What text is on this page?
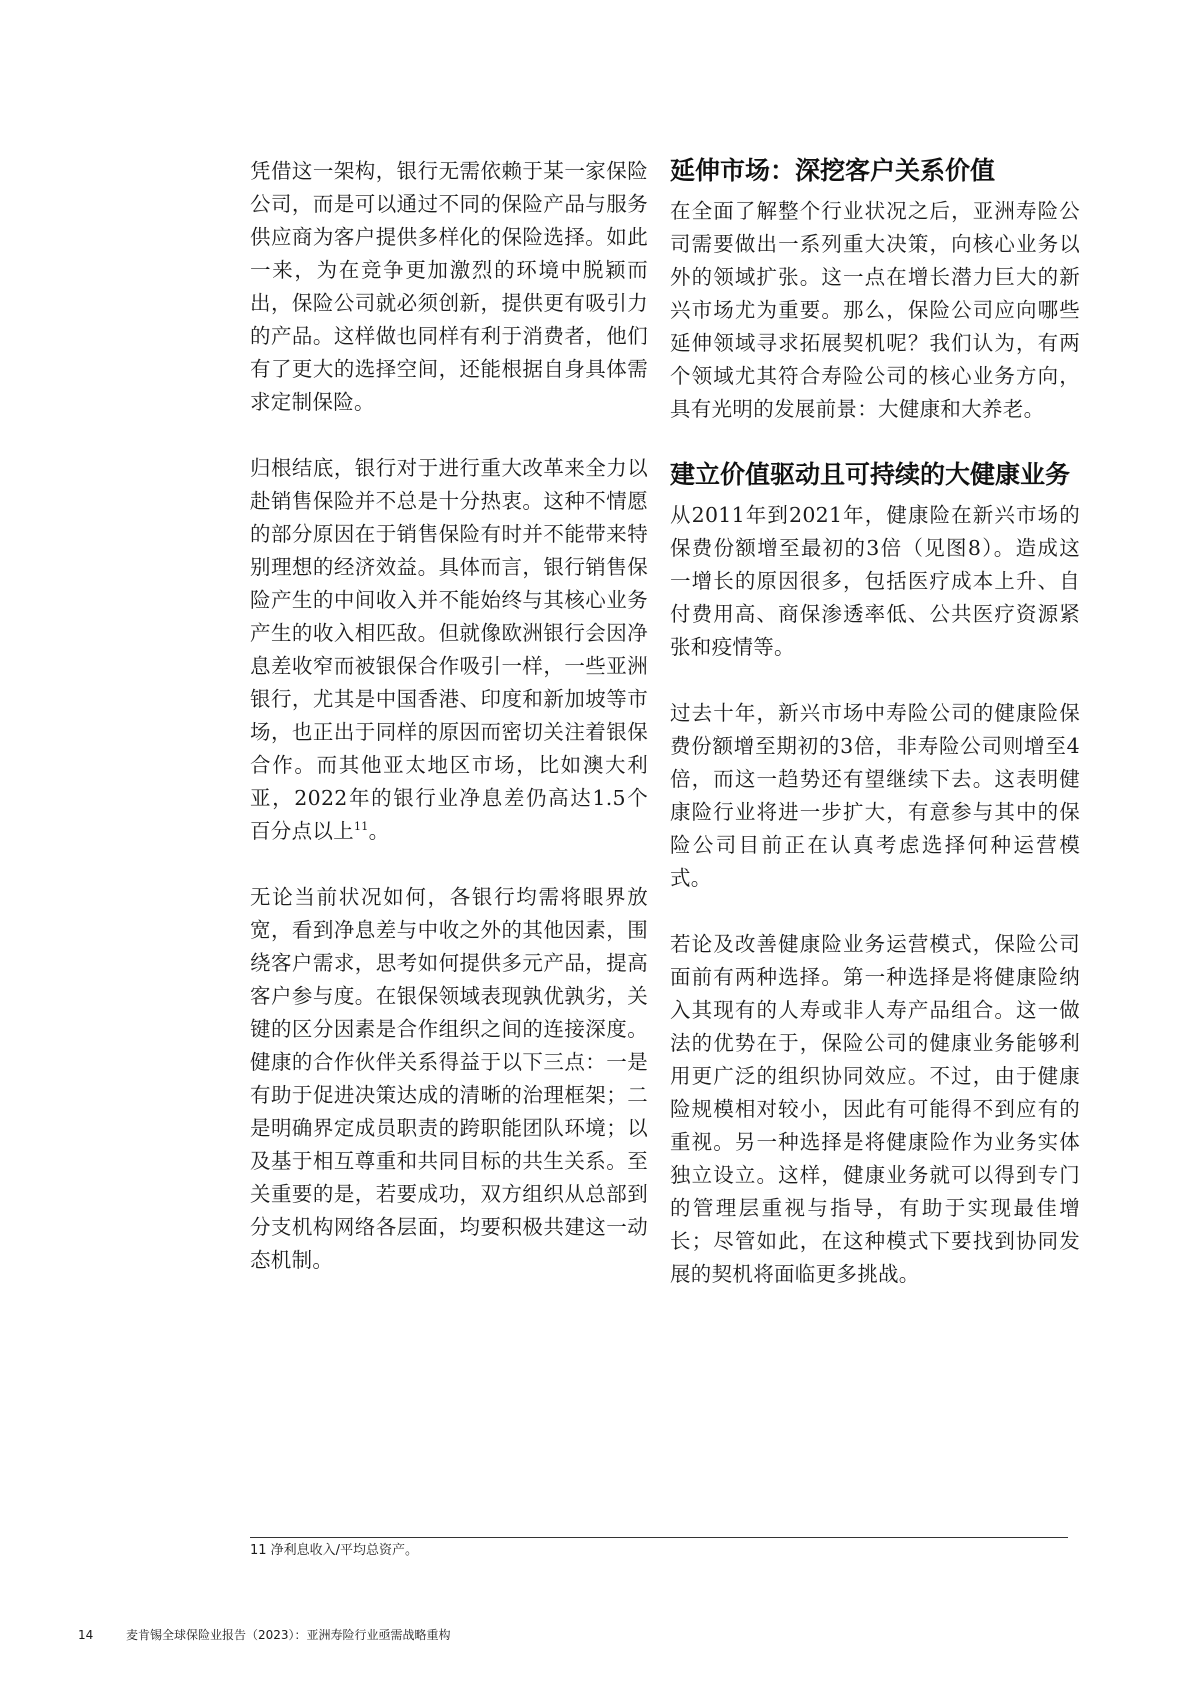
凭借这一架构，银行无需依赖于某一家保险公司，而是可以通过不同的保险产品与服务供应商为客户提供多样化的保险选择。如此一来，为在竞争更加激烈的环境中脱颖而出，保险公司就必须创新，提供更有吸引力的产品。这样做也同样有利于消费者，他们有了更大的选择空间，还能根据自身具体需求定制保险。

归根结底，银行对于进行重大改革来全力以赴销售保险并不总是十分热衷。这种不情愿的部分原因在于销售保险有时并不能带来特别理想的经济效益。具体而言，银行销售保险产生的中间收入并不能始终与其核心业务产生的收入相匹敌。但就像欧洲银行会因净息差收窄而被银保合作吸引一样，一些亚洲银行，尤其是中国香港、印度和新加坡等市场，也正出于同样的原因而密切关注着银保合作。而其他亚太地区市场，比如澳大利亚，2022年的银行业净息差仍高达1.5个百分点以上$^{11}$。

无论当前状况如何，各银行均需将眼界放宽，看到净息差与中收之外的其他因素，围绕客户需求，思考如何提供多元产品，提高客户参与度。在银保领域表现孰优孰劣，关键的区分因素是合作组织之间的连接深度。健康的合作伙伴关系得益于以下三点：一是有助于促进决策达成的清晰的治理框架；二是明确界定成员职责的跨职能团队环境；以及基于相互尊重和共同目标的共生关系。至关重要的是，若要成功，双方组织从总部到分支机构网络各层面，均要积极共建这一动态机制。

延伸市场：深挖客户关系价值

在全面了解整个行业状况之后，亚洲寿险公司需要做出一系列重大决策，向核心业务以外的领域扩张。这一点在增长潜力巨大的新兴市场尤为重要。那么，保险公司应向哪些延伸领域寻求拓展契机呢？我们认为，有两个领域尤其符合寿险公司的核心业务方向，具有光明的发展前景：大健康和大养老。

建立价值驱动且可持续的大健康业务

从2011年到2021年，健康险在新兴市场的保费份额增至最初的3倍（见图8）。造成这一增长的原因很多，包括医疗成本上升、自付费用高、商保渗透率低、公共医疗资源紧张和疫情等。

过去十年，新兴市场中寿险公司的健康险保费份额增至期初的3倍，非寿险公司则增至4倍，而这一趋势还有望继续下去。这表明健康险行业将进一步扩大，有意参与其中的保险公司目前正在认真考虑选择何种运营模式。

若论及改善健康险业务运营模式，保险公司面前有两种选择。第一种选择是将健康险纳入其现有的人寿或非人寿产品组合。这一做法的优势在于，保险公司的健康业务能够利用更广泛的组织协同效应。不过，由于健康险规模相对较小，因此有可能得不到应有的重视。另一种选择是将健康险作为业务实体独立设立。这样，健康业务就可以得到专门的管理层重视与指导，有助于实现最佳增长；尽管如此，在这种模式下要找到协同发展的契机将面临更多挑战。

11 净利息收入/平均总资产。
14	麦肯锡全球保险业报告（2023）：亚洲寿险行业亟需战略重构
